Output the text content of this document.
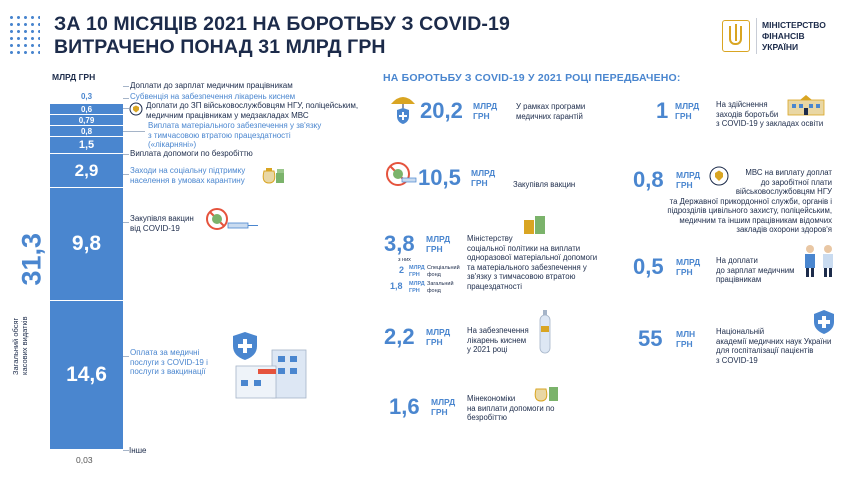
ЗА 10 МІСЯЦІВ 2021 НА БОРОТЬБУ З COVID-19
ВИТРАЧЕНО ПОНАД 31 МЛРД ГРН
МІНІСТЕРСТВО
ФІНАНСІВ
УКРАЇНИ
МЛРД ГРН
31,3
Загальний обсяг касових видатків
0,3
0,6
0,79
0,8
1,5
2,9
9,8
14,6
0,03
Доплати до зарплат медичним працівникам
Субвенція на забезпечення лікарень киснем
Доплати до ЗП військовослужбовцям НГУ, поліцейським,
медичним працівникам у медзакладах МВС
Виплата матеріального забезпечення у зв'язку
з тимчасовою втратою працездатності
(«лікарняні»)
Виплата допомоги по безробіттю
Заходи на соціальну підтримку
населення в умовах карантину
Закупівля вакцин
від COVID-19
Оплата за медичні
послуги з COVID-19 і
послуги з вакцинації
Інше
НА БОРОТЬБУ З COVID-19 У 2021 РОЦІ ПЕРЕДБАЧЕНО:
20,2 МЛРД
ГРН
У рамках програми
медичних гарантій
10,5 МЛРД
ГРН	Закупівля вакцин
3,8 МЛРД
ГРН
Міністерству
соціальної політики на виплати
одноразової матеріальної допомоги
та матеріального забезпечення у
зв'язку з тимчасовою втратою
працездатності
з них
2 МЛРД
ГРН
Спеціальний
фонд
1,8 МЛРД
ГРН
Загальний
фонд
2,2 МЛРД
ГРН
На забезпечення
лікарень киснем
у 2021 році
1,6 МЛРД
ГРН
Мінекономіки
на виплати допомоги по
безробіттю
1 МЛРД
ГРН
На здійснення
заходів боротьби
з COVID-19 у закладах освіти
0,8 МЛРД
ГРН
МВС на виплату доплат
до заробітної плати
військовослужбовцям НГУ
та Державної прикордонної служби, органів і
підрозділів цивільного захисту, поліцейським,
медичним та іншим працівникам відомчих
закладів охорони здоров'я
0,5 МЛРД
ГРН
На доплати
до зарплат медичним
працівникам
55 МЛН
ГРН
Національній
академії медичних наук України
для госпіталізації пацієнтів
з COVID-19
